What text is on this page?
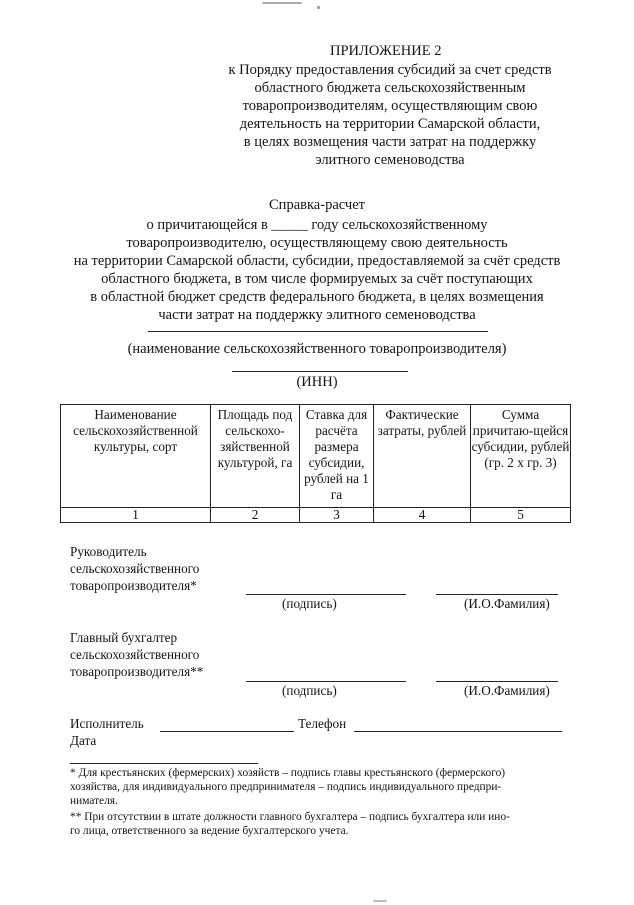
ПРИЛОЖЕНИЕ 2
к Порядку предоставления субсидий за счет средств
областного бюджета сельскохозяйственным
товаропроизводителям, осуществляющим свою
деятельность на территории Самарской области,
в целях возмещения части затрат на поддержку
элитного семеноводства
Справка-расчет
о причитающейся в _____ году сельскохозяйственному
товаропроизводителю, осуществляющему свою деятельность
на территории Самарской области, субсидии, предоставляемой за счёт средств
областного бюджета, в том числе формируемых за счёт поступающих
в областной бюджет средств федерального бюджета, в целях возмещения
части затрат на поддержку элитного семеноводства
(наименование сельскохозяйственного товаропроизводителя)
(ИНН)
Наименование сельскохозяйственной культуры, сорт	Площадь под сельскохо-зяйственной культурой, га	Ставка для расчёта размера субсидии, рублей на 1 га	Фактические затраты, рублей	Сумма причитаю-щейся субсидии, рублей (гр. 2 х гр. 3)
1	2	3	4	5
Руководитель
сельскохозяйственного
товаропроизводителя*
(подпись)	(И.О.Фамилия)
Главный бухгалтер
сельскохозяйственного
товаропроизводителя**
(подпись)	(И.О.Фамилия)
Исполнитель	Телефон
Дата
* Для крестьянских (фермерских) хозяйств – подпись главы крестьянского (фермерского)
хозяйства, для индивидуального предпринимателя – подпись индивидуального предпри-
нимателя.
** При отсутствии в штате должности главного бухгалтера – подпись бухгалтера или ино-
го лица, ответственного за ведение бухгалтерского учета.
